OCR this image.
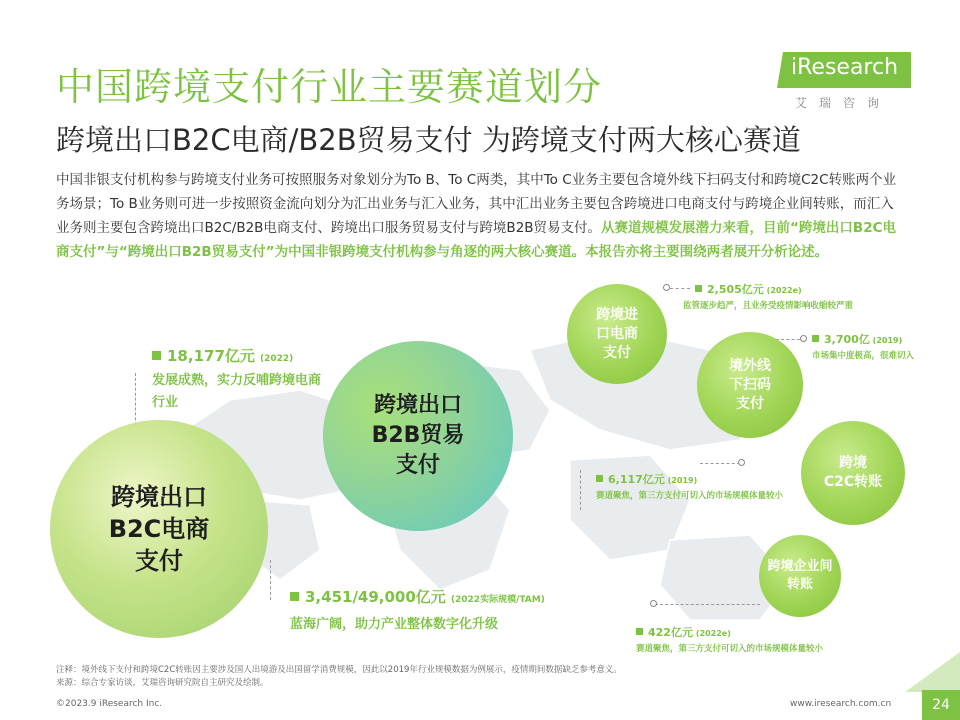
中国跨境支付行业主要赛道划分
跨境出口B2C电商/B2B贸易支付 为跨境支付两大核心赛道
iResearch
艾瑞咨询
中国非银支付机构参与跨境支付业务可按照服务对象划分为To B、To C两类，其中To C业务主要包含境外线下扫码支付和跨境C2C转账两个业务场景；To B业务则可进一步按照资金流向划分为汇出业务与汇入业务，其中汇出业务主要包含跨境进口电商支付与跨境企业间转账，而汇入业务则主要包含跨境出口B2C/B2B电商支付、跨境出口服务贸易支付与跨境B2B贸易支付。从赛道规模发展潜力来看，目前“跨境出口B2C电商支付”与“跨境出口B2B贸易支付”为中国非银跨境支付机构参与角逐的两大核心赛道。本报告亦将主要围绕两者展开分析论述。
跨境出口
B2C电商
支付
跨境出口
B2B贸易
支付
跨境进
口电商
支付
境外线
下扫码
支付
跨境
C2C转账
跨境企业间
转账
18,177亿元 (2022)
发展成熟，实力反哺跨境电商行业
3,451/49,000亿元 (2022实际规模/TAM)
蓝海广阔，助力产业整体数字化升级
2,505亿元 (2022e)
监管逐步趋严，且业务受疫情影响收缩较严重
3,700亿 (2019)
市场集中度极高，很难切入
6,117亿元 (2019)
赛道聚焦，第三方支付可切入的市场规模体量较小
422亿元 (2022e)
赛道聚焦，第三方支付可切入的市场规模体量较小
注释：境外线下支付和跨境C2C转账因主要涉及国人出境游及出国留学消费规模，因此以2019年行业规模数据为例展示，疫情期间数据缺乏参考意义。
来源：综合专家访谈，艾瑞咨询研究院自主研究及绘制。
©2023.9 iResearch Inc.	www.iresearch.com.cn	24
